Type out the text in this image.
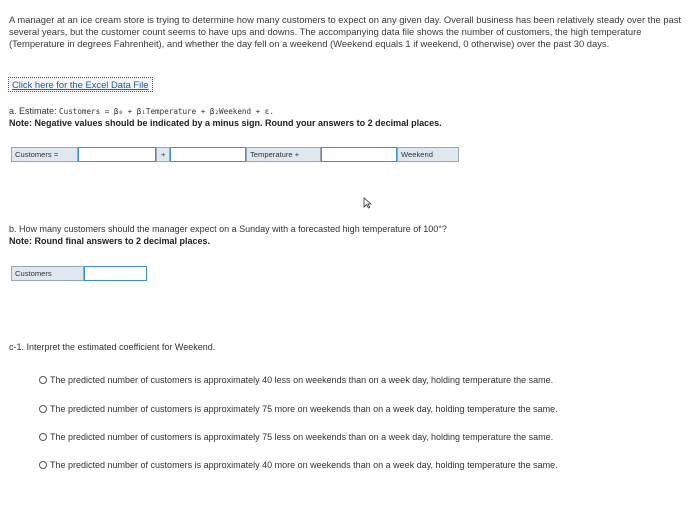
A manager at an ice cream store is trying to determine how many customers to expect on any given day. Overall business has been relatively steady over the past several years, but the customer count seems to have ups and downs. The accompanying data file shows the number of customers, the high temperature (Temperature in degrees Fahrenheit), and whether the day fell on a weekend (Weekend equals 1 if weekend, 0 otherwise) over the past 30 days.
Click here for the Excel Data File
a. Estimate: Customers = β₀ + β₁Temperature + β₂Weekend + ε.
Note: Negative values should be indicated by a minus sign. Round your answers to 2 decimal places.
Customers =	+	Temperature +	Weekend
b. How many customers should the manager expect on a Sunday with a forecasted high temperature of 100°?
Note: Round final answers to 2 decimal places.
Customers
c-1. Interpret the estimated coefficient for Weekend.
The predicted number of customers is approximately 40 less on weekends than on a week day, holding temperature the same.
The predicted number of customers is approximately 75 more on weekends than on a week day, holding temperature the same.
The predicted number of customers is approximately 75 less on weekends than on a week day, holding temperature the same.
The predicted number of customers is approximately 40 more on weekends than on a week day, holding temperature the same.
